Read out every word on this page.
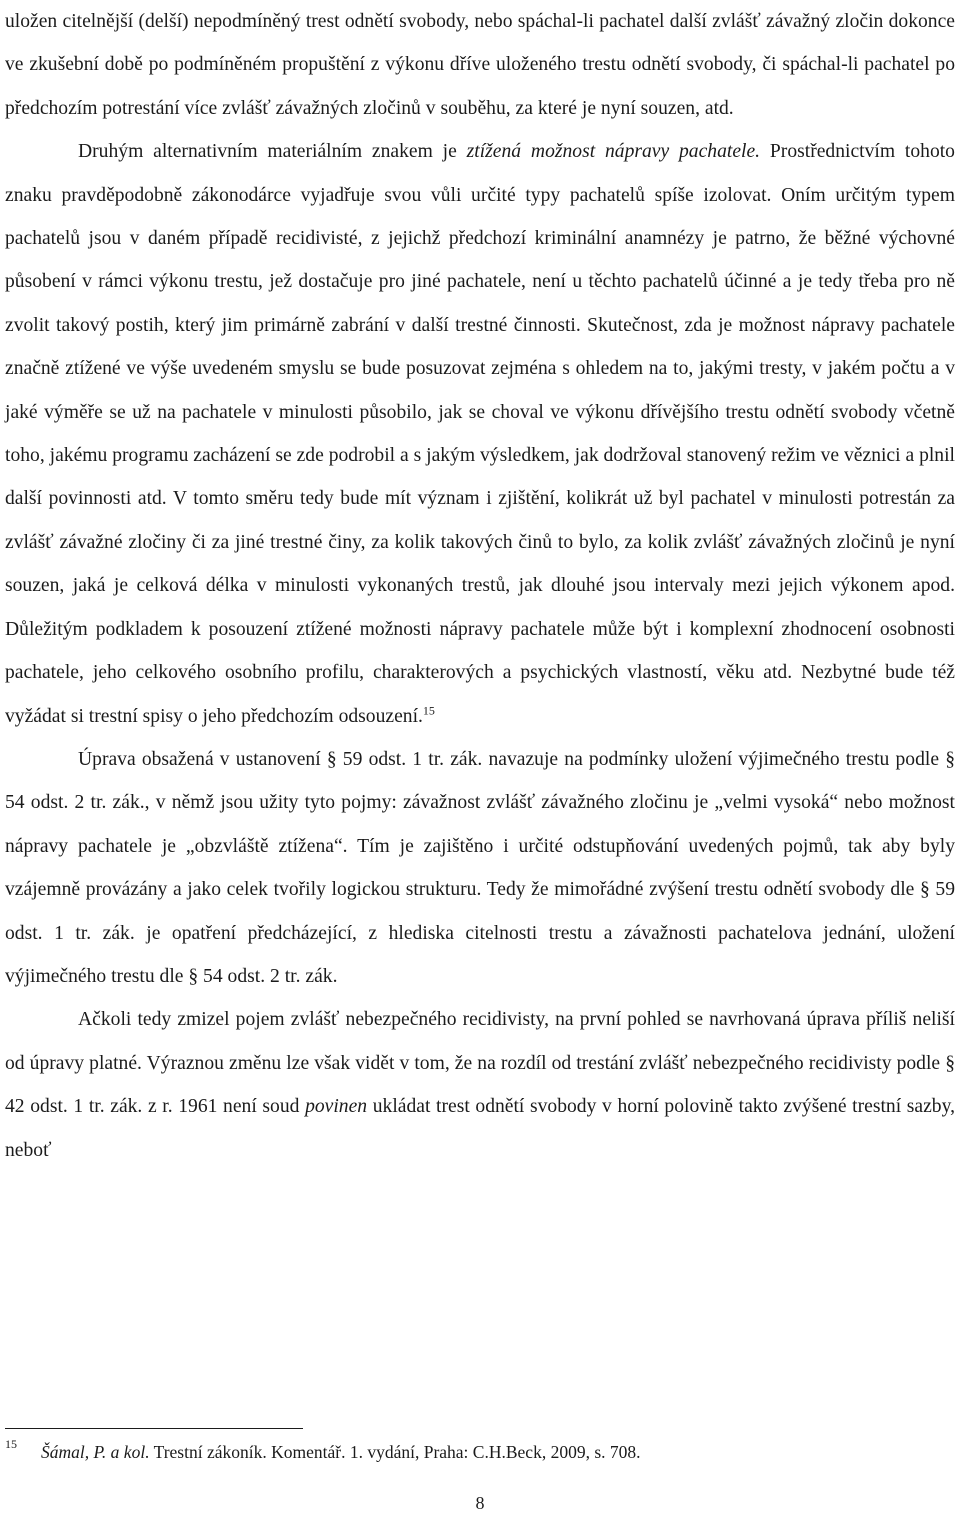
uložen citelnější (delší) nepodmíněný trest odnětí svobody, nebo spáchal-li pachatel další zvlášť závažný zločin dokonce ve zkušební době po podmíněném propuštění z výkonu dříve uloženého trestu odnětí svobody, či spáchal-li pachatel po předchozím potrestání více zvlášť závažných zločinů v souběhu, za které je nyní souzen, atd.

Druhým alternativním materiálním znakem je ztížená možnost nápravy pachatele. Prostřednictvím tohoto znaku pravděpodobně zákonodárce vyjadřuje svou vůli určité typy pachatelů spíše izolovat. Oním určitým typem pachatelů jsou v daném případě recidivisté, z jejichž předchozí kriminální anamnézy je patrno, že běžné výchovné působení v rámci výkonu trestu, jež dostačuje pro jiné pachatele, není u těchto pachatelů účinné a je tedy třeba pro ně zvolit takový postih, který jim primárně zabrání v další trestné činnosti. Skutečnost, zda je možnost nápravy pachatele značně ztížené ve výše uvedeném smyslu se bude posuzovat zejména s ohledem na to, jakými tresty, v jakém počtu a v jaké výměře se už na pachatele v minulosti působilo, jak se choval ve výkonu dřívějšího trestu odnětí svobody včetně toho, jakému programu zacházení se zde podrobil a s jakým výsledkem, jak dodržoval stanovený režim ve věznici a plnil další povinnosti atd. V tomto směru tedy bude mít význam i zjištění, kolikrát už byl pachatel v minulosti potrestán za zvlášť závažné zločiny či za jiné trestné činy, za kolik takových činů to bylo, za kolik zvlášť závažných zločinů je nyní souzen, jaká je celková délka v minulosti vykonaných trestů, jak dlouhé jsou intervaly mezi jejich výkonem apod. Důležitým podkladem k posouzení ztížené možnosti nápravy pachatele může být i komplexní zhodnocení osobnosti pachatele, jeho celkového osobního profilu, charakterových a psychických vlastností, věku atd. Nezbytné bude též vyžádat si trestní spisy o jeho předchozím odsouzení.$^{15}$

Úprava obsažená v ustanovení § 59 odst. 1 tr. zák. navazuje na podmínky uložení výjimečného trestu podle § 54 odst. 2 tr. zák., v němž jsou užity tyto pojmy: závažnost zvlášť závažného zločinu je „velmi vysoká“ nebo možnost nápravy pachatele je „obzvláště ztížena“. Tím je zajištěno i určité odstupňování uvedených pojmů, tak aby byly vzájemně provázány a jako celek tvořily logickou strukturu. Tedy že mimořádné zvýšení trestu odnětí svobody dle § 59 odst. 1 tr. zák. je opatření předcházející, z hlediska citelnosti trestu a závažnosti pachatelova jednání, uložení výjimečného trestu dle § 54 odst. 2 tr. zák.

Ačkoli tedy zmizel pojem zvlášť nebezpečného recidivisty, na první pohled se navrhovaná úprava příliš neliší od úpravy platné. Výraznou změnu lze však vidět v tom, že na rozdíl od trestání zvlášť nebezpečného recidivisty podle § 42 odst. 1 tr. zák. z r. 1961 není soud povinen ukládat trest odnětí svobody v horní polovině takto zvýšené trestní sazby, neboť

15 Šámal, P. a kol. Trestní zákoník. Komentář. 1. vydání, Praha: C.H.Beck, 2009, s. 708.
8
